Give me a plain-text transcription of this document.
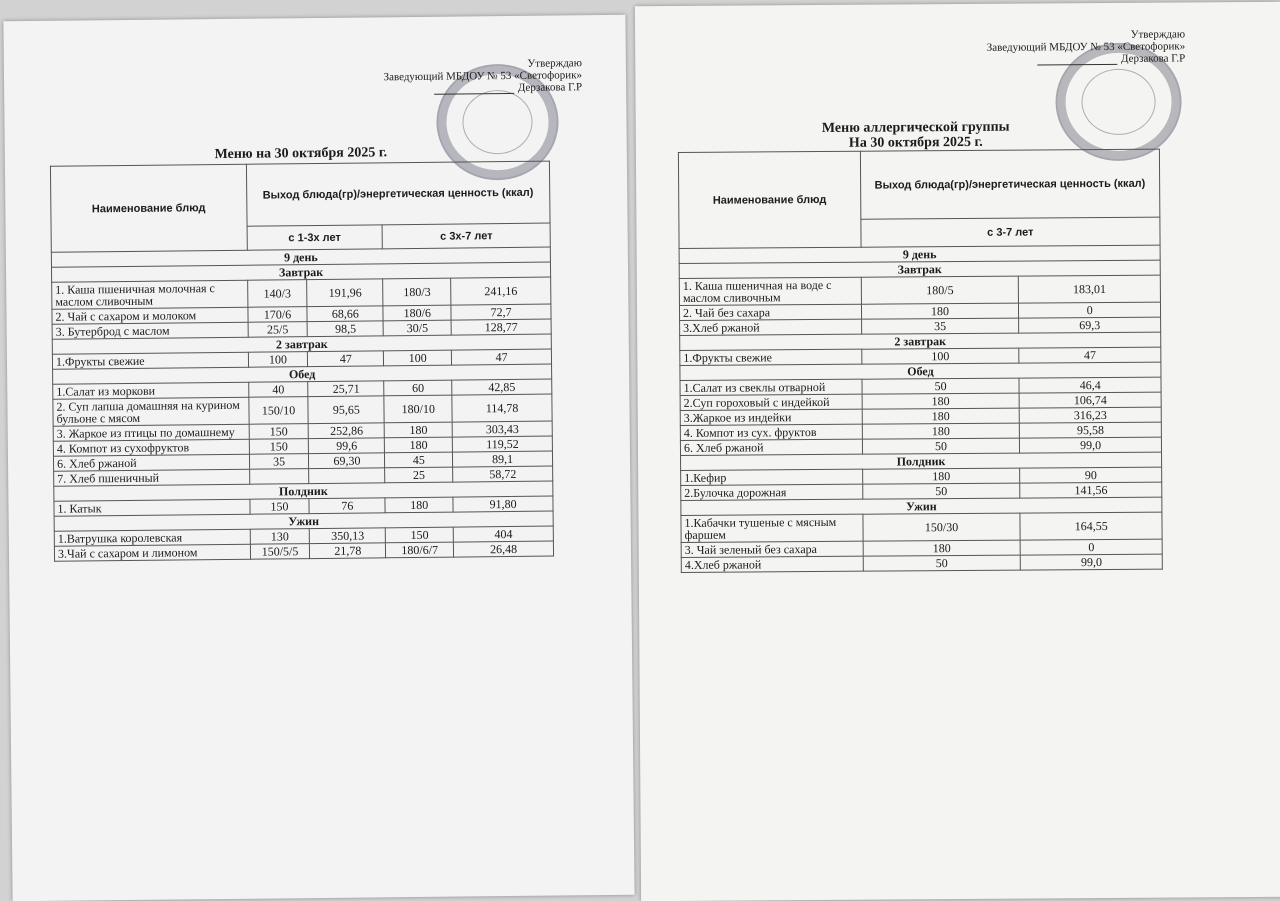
Утверждаю
Заведующий МБДОУ № 53 «Светофорик»
Дерзакова Г.Р
Меню на 30 октября 2025 г.
Наименование блюд	Выход блюда(гр)/энергетическая ценность (ккал)			
	с 1-3х лет		с 3х-7 лет	
9 день				
Завтрак				
1. Каша пшеничная молочная с маслом сливочным	140/3	191,96	180/3	241,16
2. Чай с сахаром и молоком	170/6	68,66	180/6	72,7
3. Бутерброд с маслом	25/5	98,5	30/5	128,77
2 завтрак				
1.Фрукты свежие	100	47	100	47
Обед				
1.Салат из моркови	40	25,71	60	42,85
2. Суп лапша домашняя на курином бульоне с мясом	150/10	95,65	180/10	114,78
3. Жаркое из птицы по домашнему	150	252,86	180	303,43
4. Компот из сухофруктов	150	99,6	180	119,52
6. Хлеб ржаной	35	69,30	45	89,1
7. Хлеб пшеничный			25	58,72
Полдник				
1. Катык	150	76	180	91,80
Ужин				
1.Ватрушка королевская	130	350,13	150	404
3.Чай с сахаром и лимоном	150/5/5	21,78	180/6/7	26,48
Утверждаю
Заведующий МБДОУ № 53 «Светофорик»
Дерзакова Г.Р
Меню аллергической группы
На 30 октября 2025 г.
Наименование блюд	Выход блюда(гр)/энергетическая ценность (ккал)	
	с 3-7 лет	
9 день		
Завтрак		
1. Каша пшеничная на воде с маслом сливочным	180/5	183,01
2. Чай без сахара	180	0
3.Хлеб ржаной	35	69,3
2 завтрак		
1.Фрукты свежие	100	47
Обед		
1.Салат из свеклы отварной	50	46,4
2.Суп гороховый с индейкой	180	106,74
3.Жаркое из индейки	180	316,23
4. Компот из сух. фруктов	180	95,58
6. Хлеб ржаной	50	99,0
Полдник		
1.Кефир	180	90
2.Булочка дорожная	50	141,56
Ужин		
1.Кабачки тушеные с мясным фаршем	150/30	164,55
3. Чай зеленый без сахара	180	0
4.Хлеб ржаной	50	99,0
